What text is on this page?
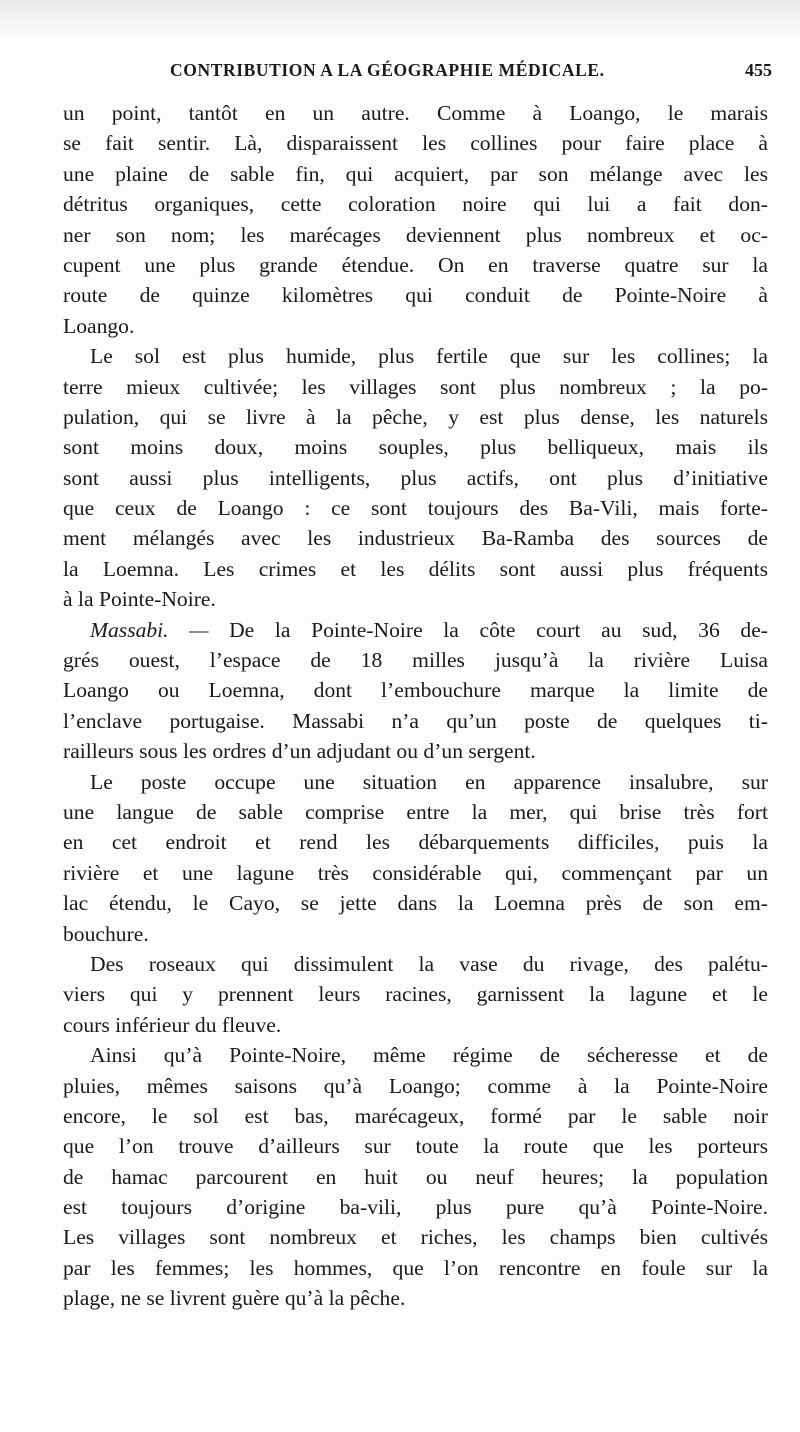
CONTRIBUTION A LA GÉOGRAPHIE MÉDICALE.	455
un point, tantôt en un autre. Comme à Loango, le marais
se fait sentir. Là, disparaissent les collines pour faire place à
une plaine de sable fin, qui acquiert, par son mélange avec les
détritus organiques, cette coloration noire qui lui a fait don-
ner son nom; les marécages deviennent plus nombreux et oc-
cupent une plus grande étendue. On en traverse quatre sur la
route de quinze kilomètres qui conduit de Pointe-Noire à
Loango.
Le sol est plus humide, plus fertile que sur les collines; la
terre mieux cultivée; les villages sont plus nombreux ; la po-
pulation, qui se livre à la pêche, y est plus dense, les naturels
sont moins doux, moins souples, plus belliqueux, mais ils
sont aussi plus intelligents, plus actifs, ont plus d’initiative
que ceux de Loango : ce sont toujours des Ba-Vili, mais forte-
ment mélangés avec les industrieux Ba-Ramba des sources de
la Loemna. Les crimes et les délits sont aussi plus fréquents
à la Pointe-Noire.
Massabi. — De la Pointe-Noire la côte court au sud, 36 de-
grés ouest, l’espace de 18 milles jusqu’à la rivière Luisa
Loango ou Loemna, dont l’embouchure marque la limite de
l’enclave portugaise. Massabi n’a qu’un poste de quelques ti-
railleurs sous les ordres d’un adjudant ou d’un sergent.
Le poste occupe une situation en apparence insalubre, sur
une langue de sable comprise entre la mer, qui brise très fort
en cet endroit et rend les débarquements difficiles, puis la
rivière et une lagune très considérable qui, commençant par un
lac étendu, le Cayo, se jette dans la Loemna près de son em-
bouchure.
Des roseaux qui dissimulent la vase du rivage, des palétu-
viers qui y prennent leurs racines, garnissent la lagune et le
cours inférieur du fleuve.
Ainsi qu’à Pointe-Noire, même régime de sécheresse et de
pluies, mêmes saisons qu’à Loango; comme à la Pointe-Noire
encore, le sol est bas, marécageux, formé par le sable noir
que l’on trouve d’ailleurs sur toute la route que les porteurs
de hamac parcourent en huit ou neuf heures; la population
est toujours d’origine ba-vili, plus pure qu’à Pointe-Noire.
Les villages sont nombreux et riches, les champs bien cultivés
par les femmes; les hommes, que l’on rencontre en foule sur la
plage, ne se livrent guère qu’à la pêche.
